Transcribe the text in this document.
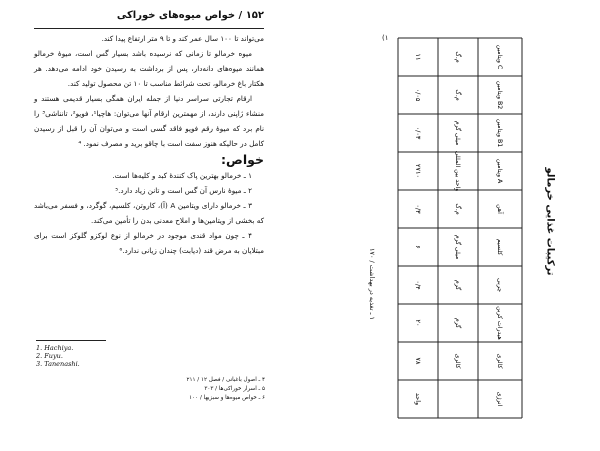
۱۵۲ / خواص میوه‌های خوراکی

می‌تواند تا ۱۰۰ سال عمر کند و تا ۹ متر ارتفاع پیدا کند.

میوه خرمالو تا زمانی که نرسیده باشد بسیار گس است، میوهٔ خرمالو همانند میوه‌های دانه‌دار، پس از برداشت به رسیدن خود ادامه می‌دهد. هر هکتار باغ خرمالو، تحت شرائط مناسب تا ۱۰ تن محصول تولید کند.

ارقام تجارتی سراسر دنیا از جمله ایران همگی بسیار قدیمی هستند و منشاء ژاپنی دارند، از مهمترین ارقام آنها می‌توان: هاچیا¹، فویو²، تانناشی³ را نام برد که میوهٔ رقم فویو فاقد گسی است و می‌توان آن را قبل از رسیدن کامل در حالیکه هنوز سفت است با چاقو برید و مصرف نمود. ⁴

خواص:

۱ ـ خرمالو بهترین پاک کنندهٔ کبد و کلیه‌ها است.

۲ ـ میوهٔ نارس آن گس است و تانن زیاد دارد.⁵

۳ ـ خرمالو دارای ویتامین A (آ)، کاروتن، کلسیم، گوگرد، و فسفر می‌باشد که بخشی از ویتامین‌ها و املاح معدنی بدن را تأمین می‌کند.

۴ ـ چون مواد قندی موجود در خرمالو از نوع لوکزو گلوکز است برای مبتلایان به مرض قند (دیابت) چندان زیانی ندارد.⁶

1. Hachiya.
2. Fuyu.
3. Tanenashi.
۴ ـ اصول باغبانی / فصل ۱۲ / ۲۱۱
۵ ـ اسرار خوراکی‌ها / ۳۰۳
۶ ـ خواص میوه‌ها و سبزیها / ۱۰۰
(۱
۱ ـ تغذیه در بهداشت / ۱۷۰
ترکیبات غذایی خرمالو
ویتامین C
م.گ
۱۱
ویتامین B2
م.گ
۰/۰۵
ویتامین B1
میلی گرم
۰/۰۳
ویتامین A
واحد بین المللی
۲۷۱۰
آهن
م.گ
۰/۳
کلسیم
میلی گرم
۶
چربی
گرم
۰/۴
هیدرات کربن
گرم
۲۰
کالری
کالری
۷۸
انرژی
واحد
